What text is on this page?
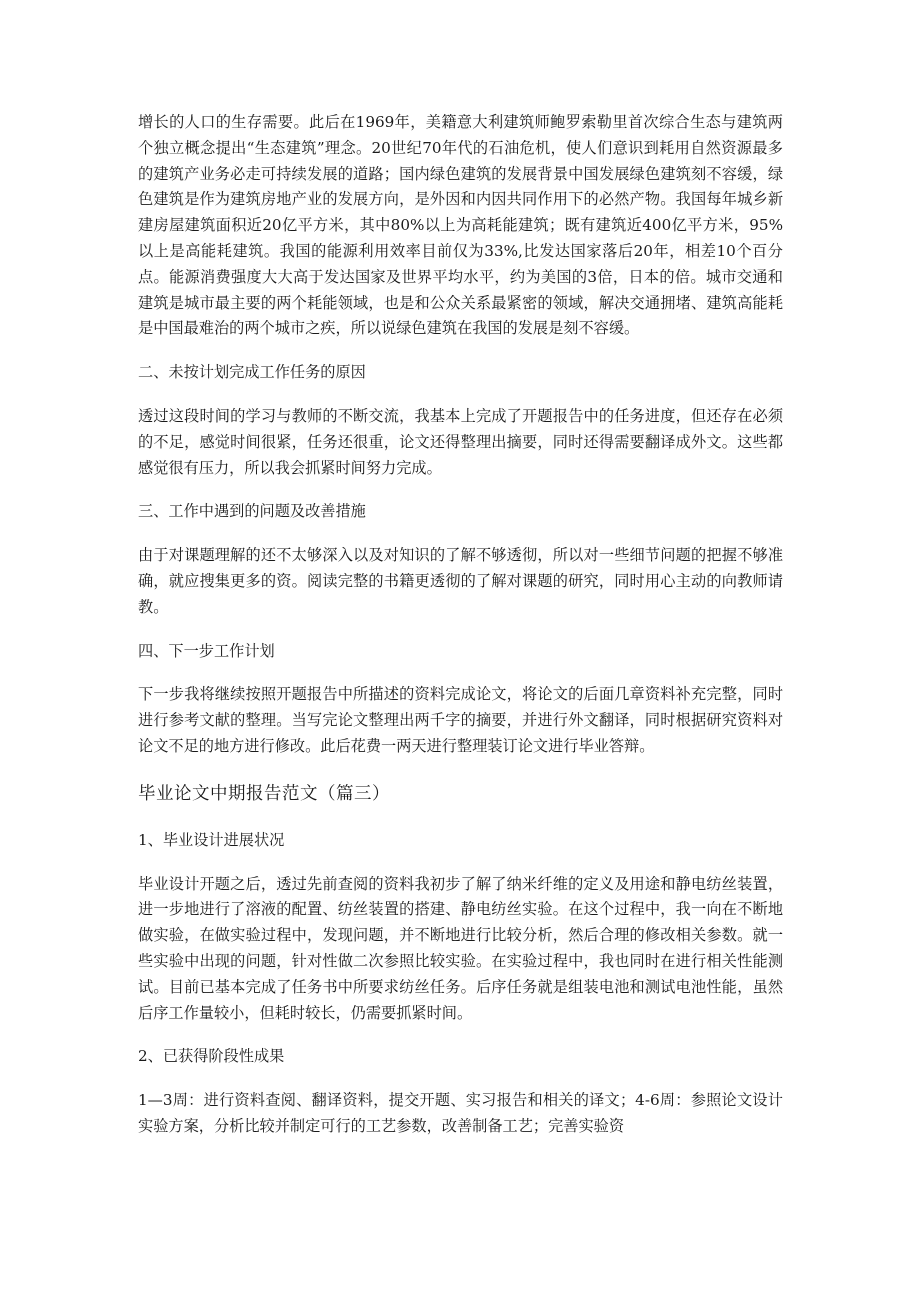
增长的人口的生存需要。此后在1969年，美籍意大利建筑师鲍罗索勒里首次综合生态与建筑两个独立概念提出“生态建筑”理念。20世纪70年代的石油危机，使人们意识到耗用自然资源最多的建筑产业务必走可持续发展的道路；国内绿色建筑的发展背景中国发展绿色建筑刻不容缓，绿色建筑是作为建筑房地产业的发展方向，是外因和内因共同作用下的必然产物。我国每年城乡新建房屋建筑面积近20亿平方米，其中80%以上为高耗能建筑；既有建筑近400亿平方米，95%以上是高能耗建筑。我国的能源利用效率目前仅为33%,比发达国家落后20年，相差10个百分点。能源消费强度大大高于发达国家及世界平均水平，约为美国的3倍，日本的倍。城市交通和建筑是城市最主要的两个耗能领域，也是和公众关系最紧密的领域，解决交通拥堵、建筑高能耗是中国最难治的两个城市之疾，所以说绿色建筑在我国的发展是刻不容缓。

二、未按计划完成工作任务的原因

透过这段时间的学习与教师的不断交流，我基本上完成了开题报告中的任务进度，但还存在必须的不足，感觉时间很紧，任务还很重，论文还得整理出摘要，同时还得需要翻译成外文。这些都感觉很有压力，所以我会抓紧时间努力完成。

三、工作中遇到的问题及改善措施

由于对课题理解的还不太够深入以及对知识的了解不够透彻，所以对一些细节问题的把握不够准确，就应搜集更多的资。阅读完整的书籍更透彻的了解对课题的研究，同时用心主动的向教师请教。

四、下一步工作计划

下一步我将继续按照开题报告中所描述的资料完成论文，将论文的后面几章资料补充完整，同时进行参考文献的整理。当写完论文整理出两千字的摘要，并进行外文翻译，同时根据研究资料对论文不足的地方进行修改。此后花费一两天进行整理装订论文进行毕业答辩。

毕业论文中期报告范文（篇三）

1、毕业设计进展状况

毕业设计开题之后，透过先前查阅的资料我初步了解了纳米纤维的定义及用途和静电纺丝装置，进一步地进行了溶液的配置、纺丝装置的搭建、静电纺丝实验。在这个过程中，我一向在不断地做实验，在做实验过程中，发现问题，并不断地进行比较分析，然后合理的修改相关参数。就一些实验中出现的问题，针对性做二次参照比较实验。在实验过程中，我也同时在进行相关性能测试。目前已基本完成了任务书中所要求纺丝任务。后序任务就是组装电池和测试电池性能，虽然后序工作量较小，但耗时较长，仍需要抓紧时间。

2、已获得阶段性成果

1—3周：进行资料查阅、翻译资料，提交开题、实习报告和相关的译文；4-6周：参照论文设计实验方案，分析比较并制定可行的工艺参数，改善制备工艺；完善实验资
